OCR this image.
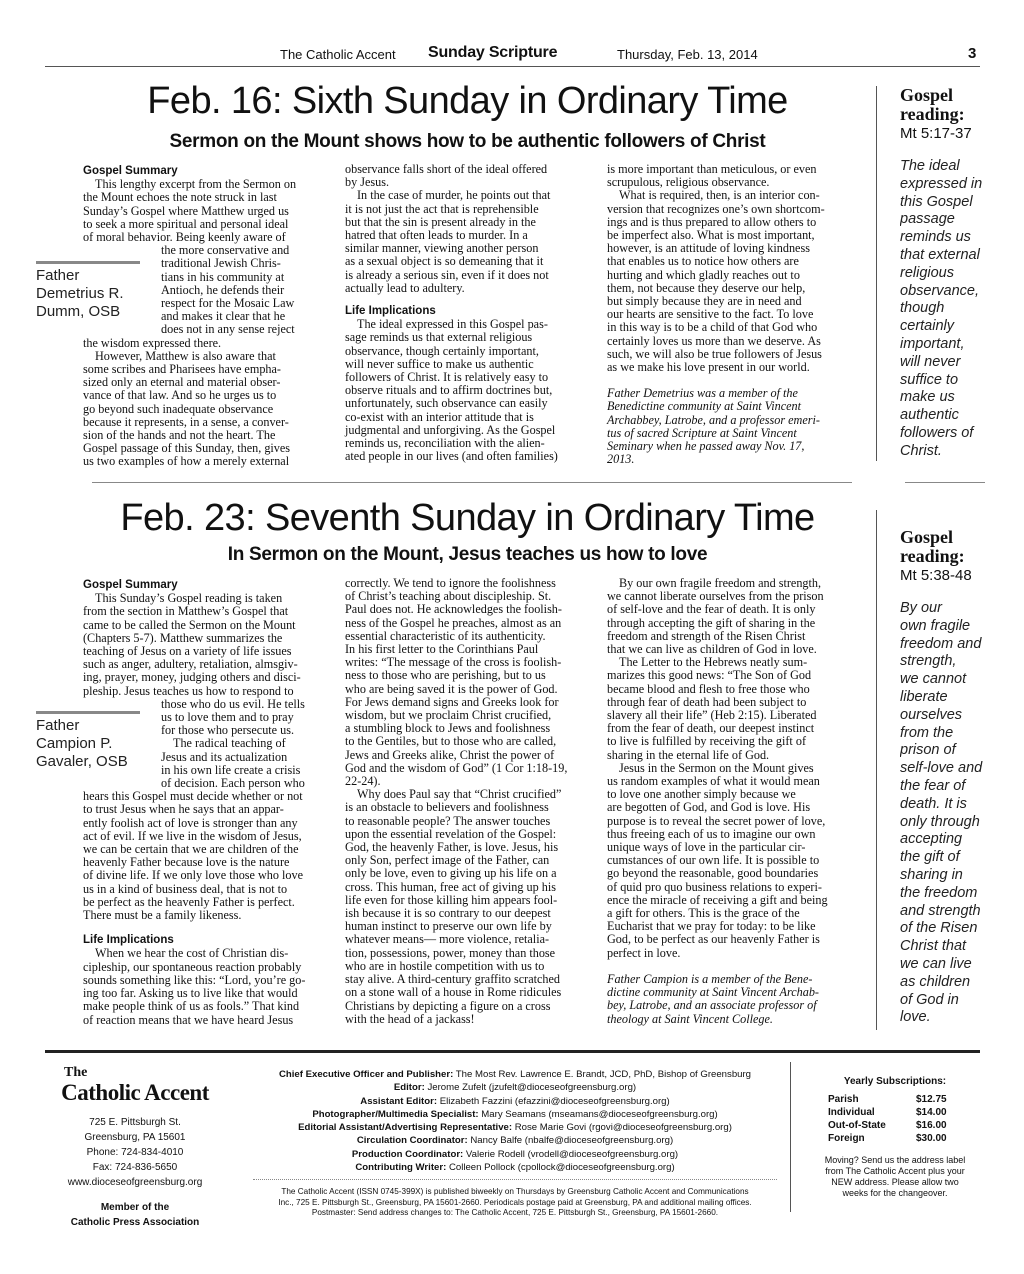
The Catholic Accent Sunday Scripture	Thursday, Feb. 13, 2014	3
Feb. 16: Sixth Sunday in Ordinary Time
Sermon on the Mount shows how to be authentic followers of Christ
Gospel Summary
This lengthy excerpt from the Sermon on
the Mount echoes the note struck in last
Sunday’s Gospel where Matthew urged us
to seek a more spiritual and personal ideal
of moral behavior. Being keenly aware of
the more conservative and
traditional Jewish Chris-
tians in his community at
Antioch, he defends their
respect for the Mosaic Law
and makes it clear that he
does not in any sense reject
the wisdom expressed there.
However, Matthew is also aware that
some scribes and Pharisees have empha-
sized only an eternal and material obser-
vance of that law. And so he urges us to
go beyond such inadequate observance
because it represents, in a sense, a conver-
sion of the hands and not the heart. The
Gospel passage of this Sunday, then, gives
us two examples of how a merely external
Father
Demetrius R.
Dumm, OSB
observance falls short of the ideal offered
by Jesus.
In the case of murder, he points out that
it is not just the act that is reprehensible
but that the sin is present already in the
hatred that often leads to murder. In a
similar manner, viewing another person
as a sexual object is so demeaning that it
is already a serious sin, even if it does not
actually lead to adultery.
Life Implications
The ideal expressed in this Gospel pas-
sage reminds us that external religious
observance, though certainly important,
will never suffice to make us authentic
followers of Christ. It is relatively easy to
observe rituals and to affirm doctrines but,
unfortunately, such observance can easily
co-exist with an interior attitude that is
judgmental and unforgiving. As the Gospel
reminds us, reconciliation with the alien-
ated people in our lives (and often families)
is more important than meticulous, or even
scrupulous, religious observance.
What is required, then, is an interior con-
version that recognizes one’s own shortcom-
ings and is thus prepared to allow others to
be imperfect also. What is most important,
however, is an attitude of loving kindness
that enables us to notice how others are
hurting and which gladly reaches out to
them, not because they deserve our help,
but simply because they are in need and
our hearts are sensitive to the fact. To love
in this way is to be a child of that God who
certainly loves us more than we deserve. As
such, we will also be true followers of Jesus
as we make his love present in our world.
Father Demetrius was a member of the
Benedictine community at Saint Vincent
Archabbey, Latrobe, and a professor emeri-
tus of sacred Scripture at Saint Vincent
Seminary when he passed away Nov. 17,
2013.
Gospel
reading:
Mt 5:17-37
The ideal
expressed in
this Gospel
passage
reminds us
that external
religious
observance,
though
certainly
important,
will never
suffice to
make us
authentic
followers of
Christ.
Feb. 23: Seventh Sunday in Ordinary Time
In Sermon on the Mount, Jesus teaches us how to love
Gospel Summary
This Sunday’s Gospel reading is taken
from the section in Matthew’s Gospel that
came to be called the Sermon on the Mount
(Chapters 5-7). Matthew summarizes the
teaching of Jesus on a variety of life issues
such as anger, adultery, retaliation, almsgiv-
ing, prayer, money, judging others and disci-
pleship. Jesus teaches us how to respond to
those who do us evil. He tells
us to love them and to pray
for those who persecute us.
The radical teaching of
Jesus and its actualization
in his own life create a crisis
of decision. Each person who
hears this Gospel must decide whether or not
to trust Jesus when he says that an appar-
ently foolish act of love is stronger than any
act of evil. If we live in the wisdom of Jesus,
we can be certain that we are children of the
heavenly Father because love is the nature
of divine life. If we only love those who love
us in a kind of business deal, that is not to
be perfect as the heavenly Father is perfect.
There must be a family likeness.
Life Implications
When we hear the cost of Christian dis-
cipleship, our spontaneous reaction probably
sounds something like this: “Lord, you’re go-
ing too far. Asking us to live like that would
make people think of us as fools.” That kind
of reaction means that we have heard Jesus
Father
Campion P.
Gavaler, OSB
correctly. We tend to ignore the foolishness
of Christ’s teaching about discipleship. St.
Paul does not. He acknowledges the foolish-
ness of the Gospel he preaches, almost as an
essential characteristic of its authenticity.
In his first letter to the Corinthians Paul
writes: “The message of the cross is foolish-
ness to those who are perishing, but to us
who are being saved it is the power of God.
For Jews demand signs and Greeks look for
wisdom, but we proclaim Christ crucified,
a stumbling block to Jews and foolishness
to the Gentiles, but to those who are called,
Jews and Greeks alike, Christ the power of
God and the wisdom of God” (1 Cor 1:18-19,
22-24).
Why does Paul say that “Christ crucified”
is an obstacle to believers and foolishness
to reasonable people? The answer touches
upon the essential revelation of the Gospel:
God, the heavenly Father, is love. Jesus, his
only Son, perfect image of the Father, can
only be love, even to giving up his life on a
cross. This human, free act of giving up his
life even for those killing him appears fool-
ish because it is so contrary to our deepest
human instinct to preserve our own life by
whatever means— more violence, retalia-
tion, possessions, power, money than those
who are in hostile competition with us to
stay alive. A third-century graffito scratched
on a stone wall of a house in Rome ridicules
Christians by depicting a figure on a cross
with the head of a jackass!
By our own fragile freedom and strength,
we cannot liberate ourselves from the prison
of self-love and the fear of death. It is only
through accepting the gift of sharing in the
freedom and strength of the Risen Christ
that we can live as children of God in love.
The Letter to the Hebrews neatly sum-
marizes this good news: “The Son of God
became blood and flesh to free those who
through fear of death had been subject to
slavery all their life” (Heb 2:15). Liberated
from the fear of death, our deepest instinct
to live is fulfilled by receiving the gift of
sharing in the eternal life of God.
Jesus in the Sermon on the Mount gives
us random examples of what it would mean
to love one another simply because we
are begotten of God, and God is love. His
purpose is to reveal the secret power of love,
thus freeing each of us to imagine our own
unique ways of love in the particular cir-
cumstances of our own life. It is possible to
go beyond the reasonable, good boundaries
of quid pro quo business relations to experi-
ence the miracle of receiving a gift and being
a gift for others. This is the grace of the
Eucharist that we pray for today: to be like
God, to be perfect as our heavenly Father is
perfect in love.
Father Campion is a member of the Bene-
dictine community at Saint Vincent Archab-
bey, Latrobe, and an associate professor of
theology at Saint Vincent College.
Gospel
reading:
Mt 5:38-48
By our
own fragile
freedom and
strength,
we cannot
liberate
ourselves
from the
prison of
self-love and
the fear of
death. It is
only through
accepting
the gift of
sharing in
the freedom
and strength
of the Risen
Christ that
we can live
as children
of God in
love.
The
Catholic Accent
725 E. Pittsburgh St.
Greensburg, PA 15601
Phone: 724-834-4010
Fax: 724-836-5650
www.dioceseofgreensburg.org
Member of the
Catholic Press Association
Chief Executive Officer and Publisher: The Most Rev. Lawrence E. Brandt, JCD, PhD, Bishop of Greensburg
Editor: Jerome Zufelt (jzufelt@dioceseofgreensburg.org)
Assistant Editor: Elizabeth Fazzini (efazzini@dioceseofgreensburg.org)
Photographer/Multimedia Specialist: Mary Seamans (mseamans@dioceseofgreensburg.org)
Editorial Assistant/Advertising Representative: Rose Marie Govi (rgovi@dioceseofgreensburg.org)
Circulation Coordinator: Nancy Balfe (nbalfe@dioceseofgreensburg.org)
Production Coordinator: Valerie Rodell (vrodell@dioceseofgreensburg.org)
Contributing Writer: Colleen Pollock (cpollock@dioceseofgreensburg.org)
The Catholic Accent (ISSN 0745-399X) is published biweekly on Thursdays by Greensburg Catholic Accent and Communications
Inc., 725 E. Pittsburgh St., Greensburg, PA 15601-2660. Periodicals postage paid at Greensburg, PA and additional mailing offices.
Postmaster: Send address changes to: The Catholic Accent, 725 E. Pittsburgh St., Greensburg, PA 15601-2660.
Yearly Subscriptions:
Parish	$12.75
Individual	$14.00
Out-of-State	$16.00
Foreign	$30.00
Moving? Send us the address label
from The Catholic Accent plus your
NEW address. Please allow two
weeks for the changeover.
